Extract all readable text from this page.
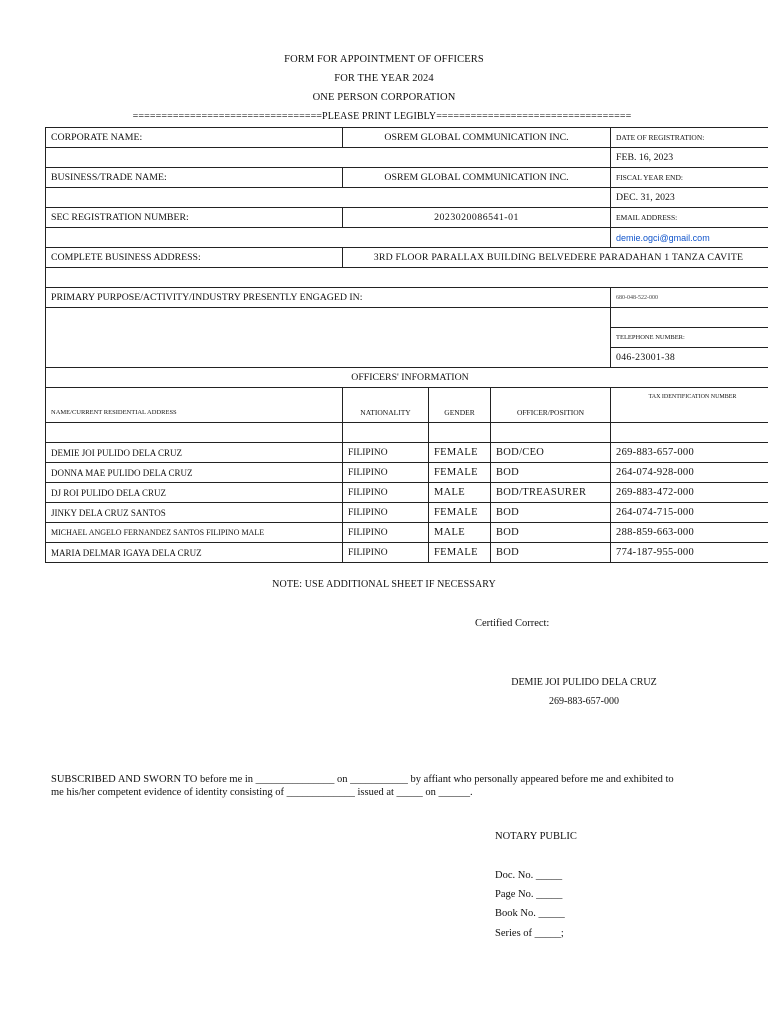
FORM FOR APPOINTMENT OF OFFICERS
FOR THE YEAR 2024
ONE PERSON CORPORATION
=================================PLEASE PRINT LEGIBLY==================================
CORPORATE NAME:	OSREM GLOBAL COMMUNICATION INC.			DATE OF REGISTRATION:
				FEB. 16, 2023
BUSINESS/TRADE NAME:	OSREM GLOBAL COMMUNICATION INC.			FISCAL YEAR END:
				DEC. 31, 2023
SEC REGISTRATION NUMBER:	2023020086541-01			EMAIL ADDRESS:
				demie.ogci@gmail.com
COMPLETE BUSINESS ADDRESS:	3RD FLOOR PARALLAX BUILDING BELVEDERE PARADAHAN 1 TANZA CAVITE			

PRIMARY PURPOSE/ACTIVITY/INDUSTRY PRESENTLY ENGAGED IN:				680-048-522-000

				TELEPHONE NUMBER:
				046-23001-38
OFFICERS' INFORMATION				
NAME/CURRENT RESIDENTIAL ADDRESS	NATIONALITY	GENDER	OFFICER/POSITION	TAX IDENTIFICATION NUMBER

DEMIE JOI PULIDO DELA CRUZ	FILIPINO	FEMALE	BOD/CEO	269-883-657-000
DONNA MAE PULIDO DELA CRUZ	FILIPINO	FEMALE	BOD	264-074-928-000
DJ ROI PULIDO DELA CRUZ	FILIPINO	MALE	BOD/TREASURER	269-883-472-000
JINKY DELA CRUZ SANTOS	FILIPINO	FEMALE	BOD	264-074-715-000
MICHAEL ANGELO FERNANDEZ SANTOS FILIPINO MALE	FILIPINO	MALE	BOD	288-859-663-000
MARIA DELMAR IGAYA DELA CRUZ	FILIPINO	FEMALE	BOD	774-187-955-000
NOTE: USE ADDITIONAL SHEET IF NECESSARY
Certified Correct:
DEMIE JOI PULIDO DELA CRUZ
269-883-657-000
SUBSCRIBED AND SWORN TO before me in _______________ on ___________ by affiant who personally appeared before me and exhibited to
me his/her competent evidence of identity consisting of _____________ issued at _____ on ______.
NOTARY PUBLIC
Doc. No. _____
Page No. _____
Book No. _____
Series of _____;
